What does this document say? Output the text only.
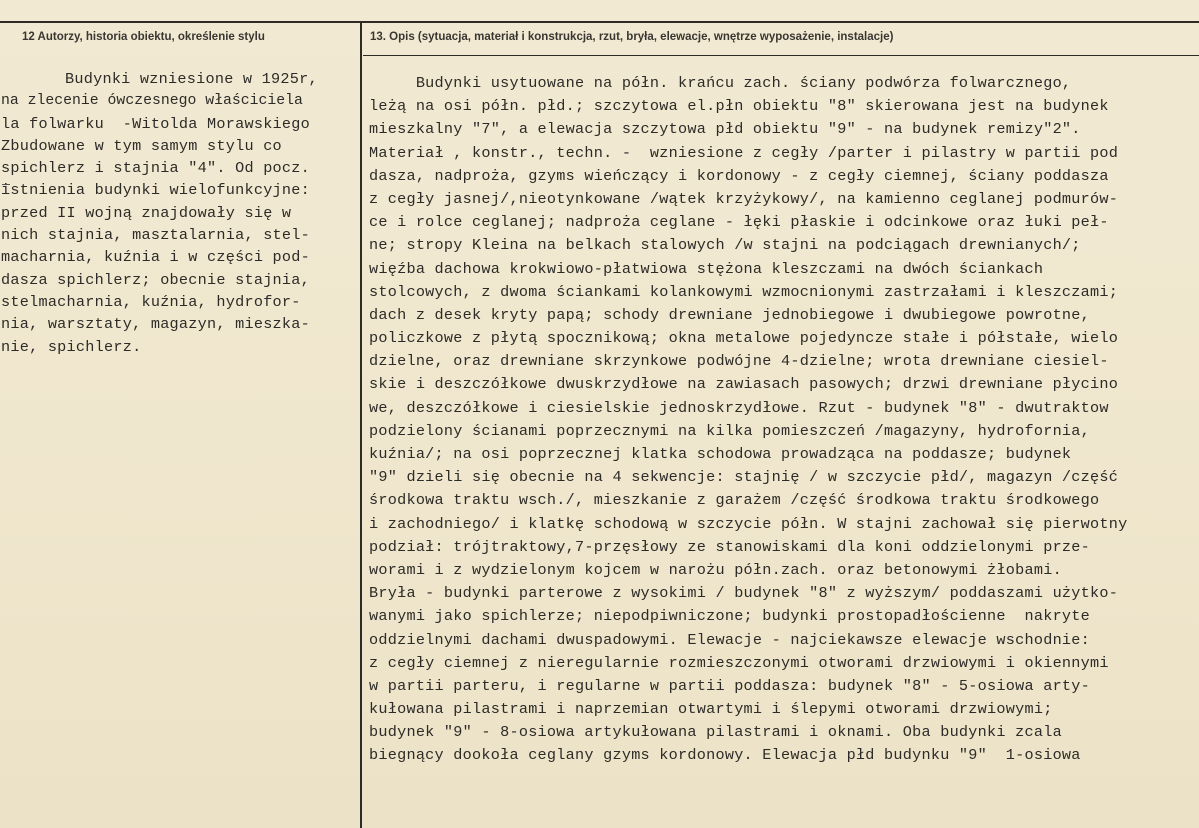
12 Autorzy, historia obiektu, określenie stylu	13. Opis (sytuacja, materiał i konstrukcja, rzut, bryła, elewacje, wnętrze wyposażenie, instalacje)
Budynki wzniesione w 1925r,
na zlecenie ówczesnego właściciela
la folwarku  -Witolda Morawskiego
Zbudowane w tym samym stylu co
spichlerz i stajnia "4". Od pocz.
istnienia budynki wielofunkcyjne:
przed II wojną znajdowały się w
nich stajnia, masztalarnia, stel-
macharnia, kuźnia i w części pod-
dasza spichlerz; obecnie stajnia,
stelmacharnia, kuźnia, hydrofor-
nia, warsztaty, magazyn, mieszka-
nie, spichlerz.
Budynki usytuowane na półn. krańcu zach. ściany podwórza folwarcznego,
leżą na osi półn. płd.; szczytowa el.płn obiektu "8" skierowana jest na budynek
mieszkalny "7", a elewacja szczytowa płd obiektu "9" - na budynek remizy"2".
Materiał , konstr., techn. -  wzniesione z cegły /parter i pilastry w partii pod
dasza, nadproża, gzyms wieńczący i kordonowy - z cegły ciemnej, ściany poddasza
z cegły jasnej/,nieotynkowane /wątek krzyżykowy/, na kamienno ceglanej podmurów-
ce i rolce ceglanej; nadproża ceglane - łęki płaskie i odcinkowe oraz łuki peł-
ne; stropy Kleina na belkach stalowych /w stajni na podciągach drewnianych/;
więźba dachowa krokwiowo-płatwiowa stężona kleszczami na dwóch ściankach
stolcowych, z dwoma ściankami kolankowymi wzmocnionymi zastrzałami i kleszczami;
dach z desek kryty papą; schody drewniane jednobiegowe i dwubiegowe powrotne,
policzkowe z płytą spocznikową; okna metalowe pojedyncze stałe i półstałe, wielo
dzielne, oraz drewniane skrzynkowe podwójne 4-dzielne; wrota drewniane ciesiel-
skie i deszczółkowe dwuskrzydłowe na zawiasach pasowych; drzwi drewniane płycino
we, deszczółkowe i ciesielskie jednoskrzydłowe. Rzut - budynek "8" - dwutraktow
podzielony ścianami poprzecznymi na kilka pomieszczeń /magazyny, hydrofornia,
kuźnia/; na osi poprzecznej klatka schodowa prowadząca na poddasze; budynek
"9" dzieli się obecnie na 4 sekwencje: stajnię / w szczycie płd/, magazyn /część
środkowa traktu wsch./, mieszkanie z garażem /część środkowa traktu środkowego
i zachodniego/ i klatkę schodową w szczycie półn. W stajni zachował się pierwotny
podział: trójtraktowy,7-przęsłowy ze stanowiskami dla koni oddzielonymi prze-
worami i z wydzielonym kojcem w narożu półn.zach. oraz betonowymi żłobami.
Bryła - budynki parterowe z wysokimi / budynek "8" z wyższym/ poddaszami użytko-
wanymi jako spichlerze; niepodpiwniczone; budynki prostopadłościenne  nakryte
oddzielnymi dachami dwuspadowymi. Elewacje - najciekawsze elewacje wschodnie:
z cegły ciemnej z nieregularnie rozmieszczonymi otworami drzwiowymi i okiennymi
w partii parteru, i regularne w partii poddasza: budynek "8" - 5-osiowa arty-
kułowana pilastrami i naprzemian otwartymi i ślepymi otworami drzwiowymi;
budynek "9" - 8-osiowa artykułowana pilastrami i oknami. Oba budynki zcala
biegnący dookoła ceglany gzyms kordonowy. Elewacja płd budynku "9"  1-osiowa
